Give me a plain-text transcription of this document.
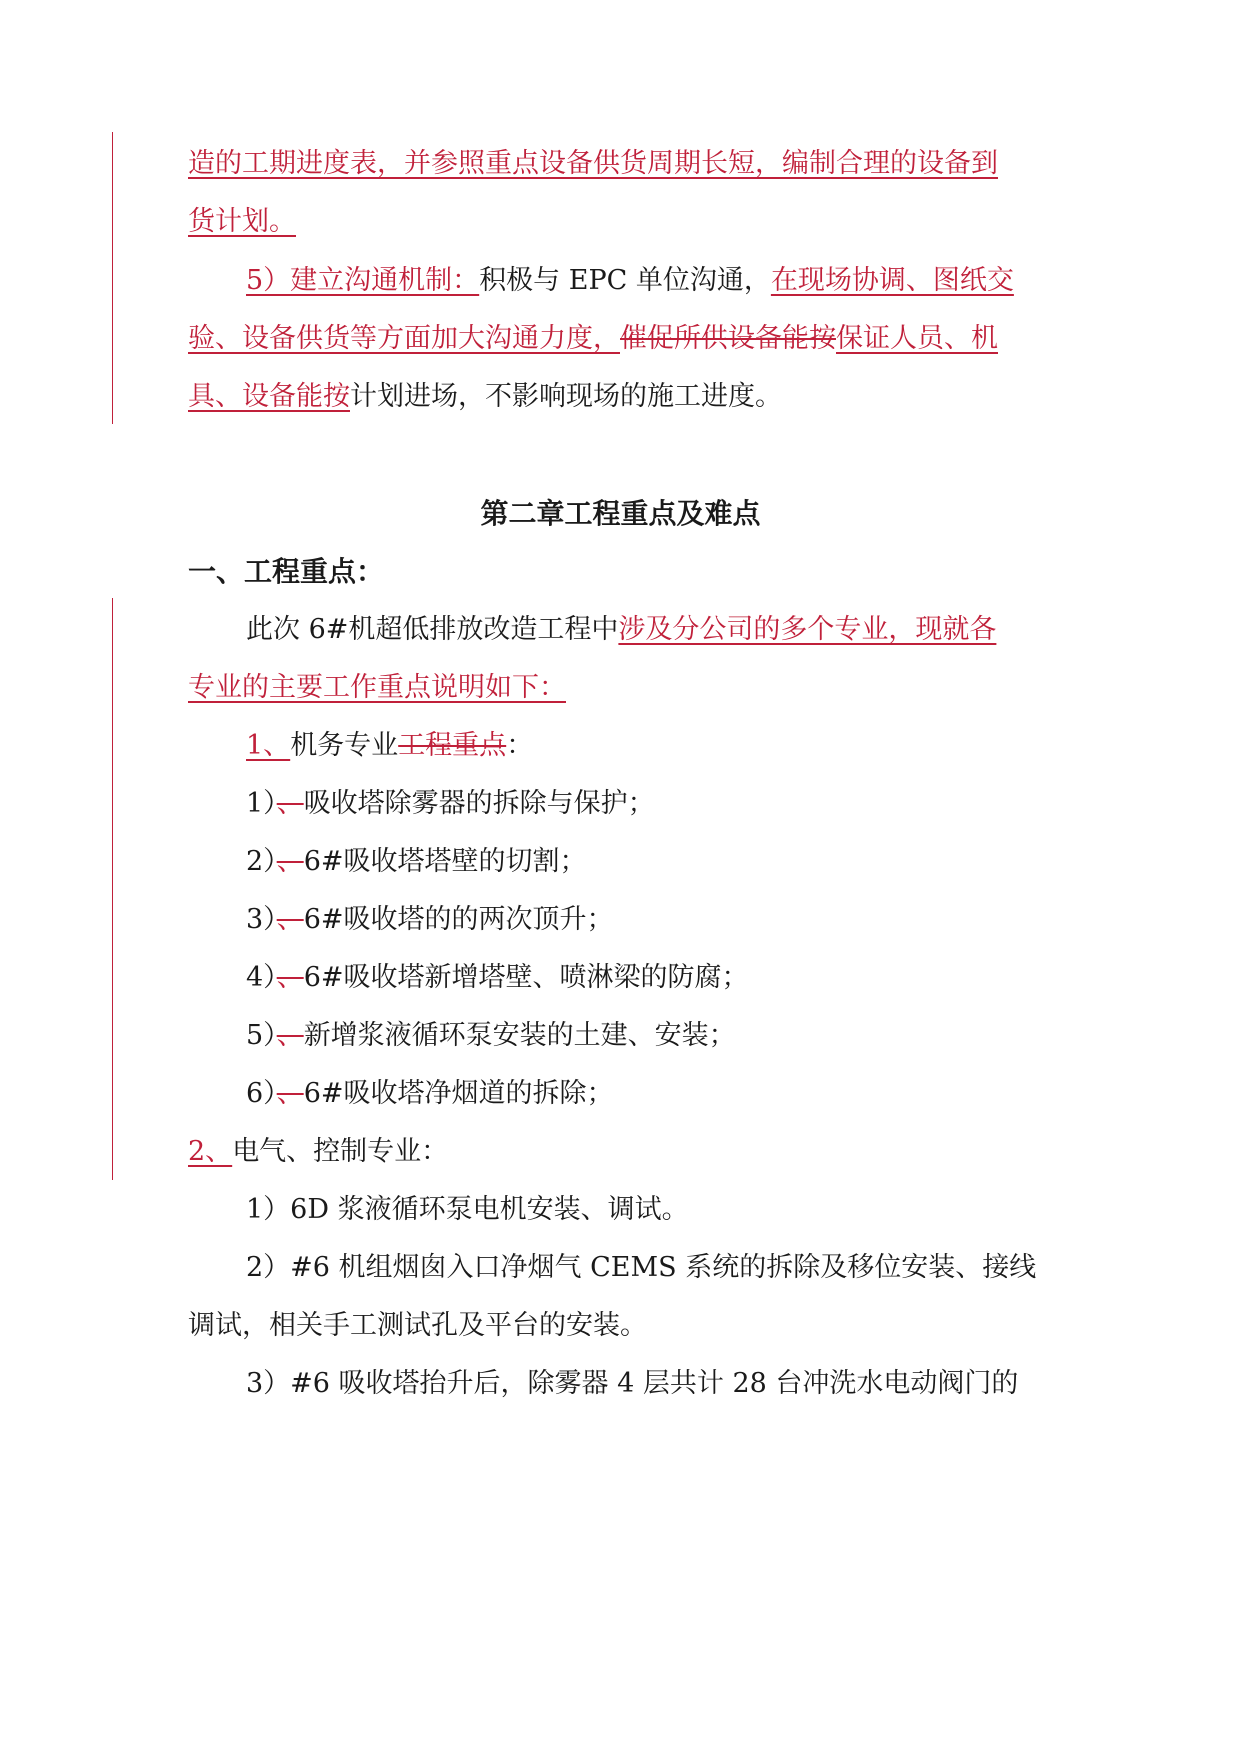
造的工期进度表，并参照重点设备供货周期长短，编制合理的设备到
货计划。
5）建立沟通机制：积极与 EPC 单位沟通，在现场协调、图纸交
验、设备供货等方面加大沟通力度，催促所供设备能按保证人员、机
具、设备能按计划进场，不影响现场的施工进度。
第二章工程重点及难点
一、工程重点：
此次 6#机超低排放改造工程中涉及分公司的多个专业，现就各
专业的主要工作重点说明如下：
1、机务专业工程重点：
1）、吸收塔除雾器的拆除与保护；
2）、6#吸收塔塔壁的切割；
3）、6#吸收塔的的两次顶升；
4）、6#吸收塔新增塔壁、喷淋梁的防腐；
5）、新增浆液循环泵安装的土建、安装；
6）、6#吸收塔净烟道的拆除；
2、电气、控制专业：
1）6D 浆液循环泵电机安装、调试。
2）#6 机组烟囱入口净烟气 CEMS 系统的拆除及移位安装、接线
调试，相关手工测试孔及平台的安装。
3）#6 吸收塔抬升后，除雾器 4 层共计 28 台冲洗水电动阀门的
